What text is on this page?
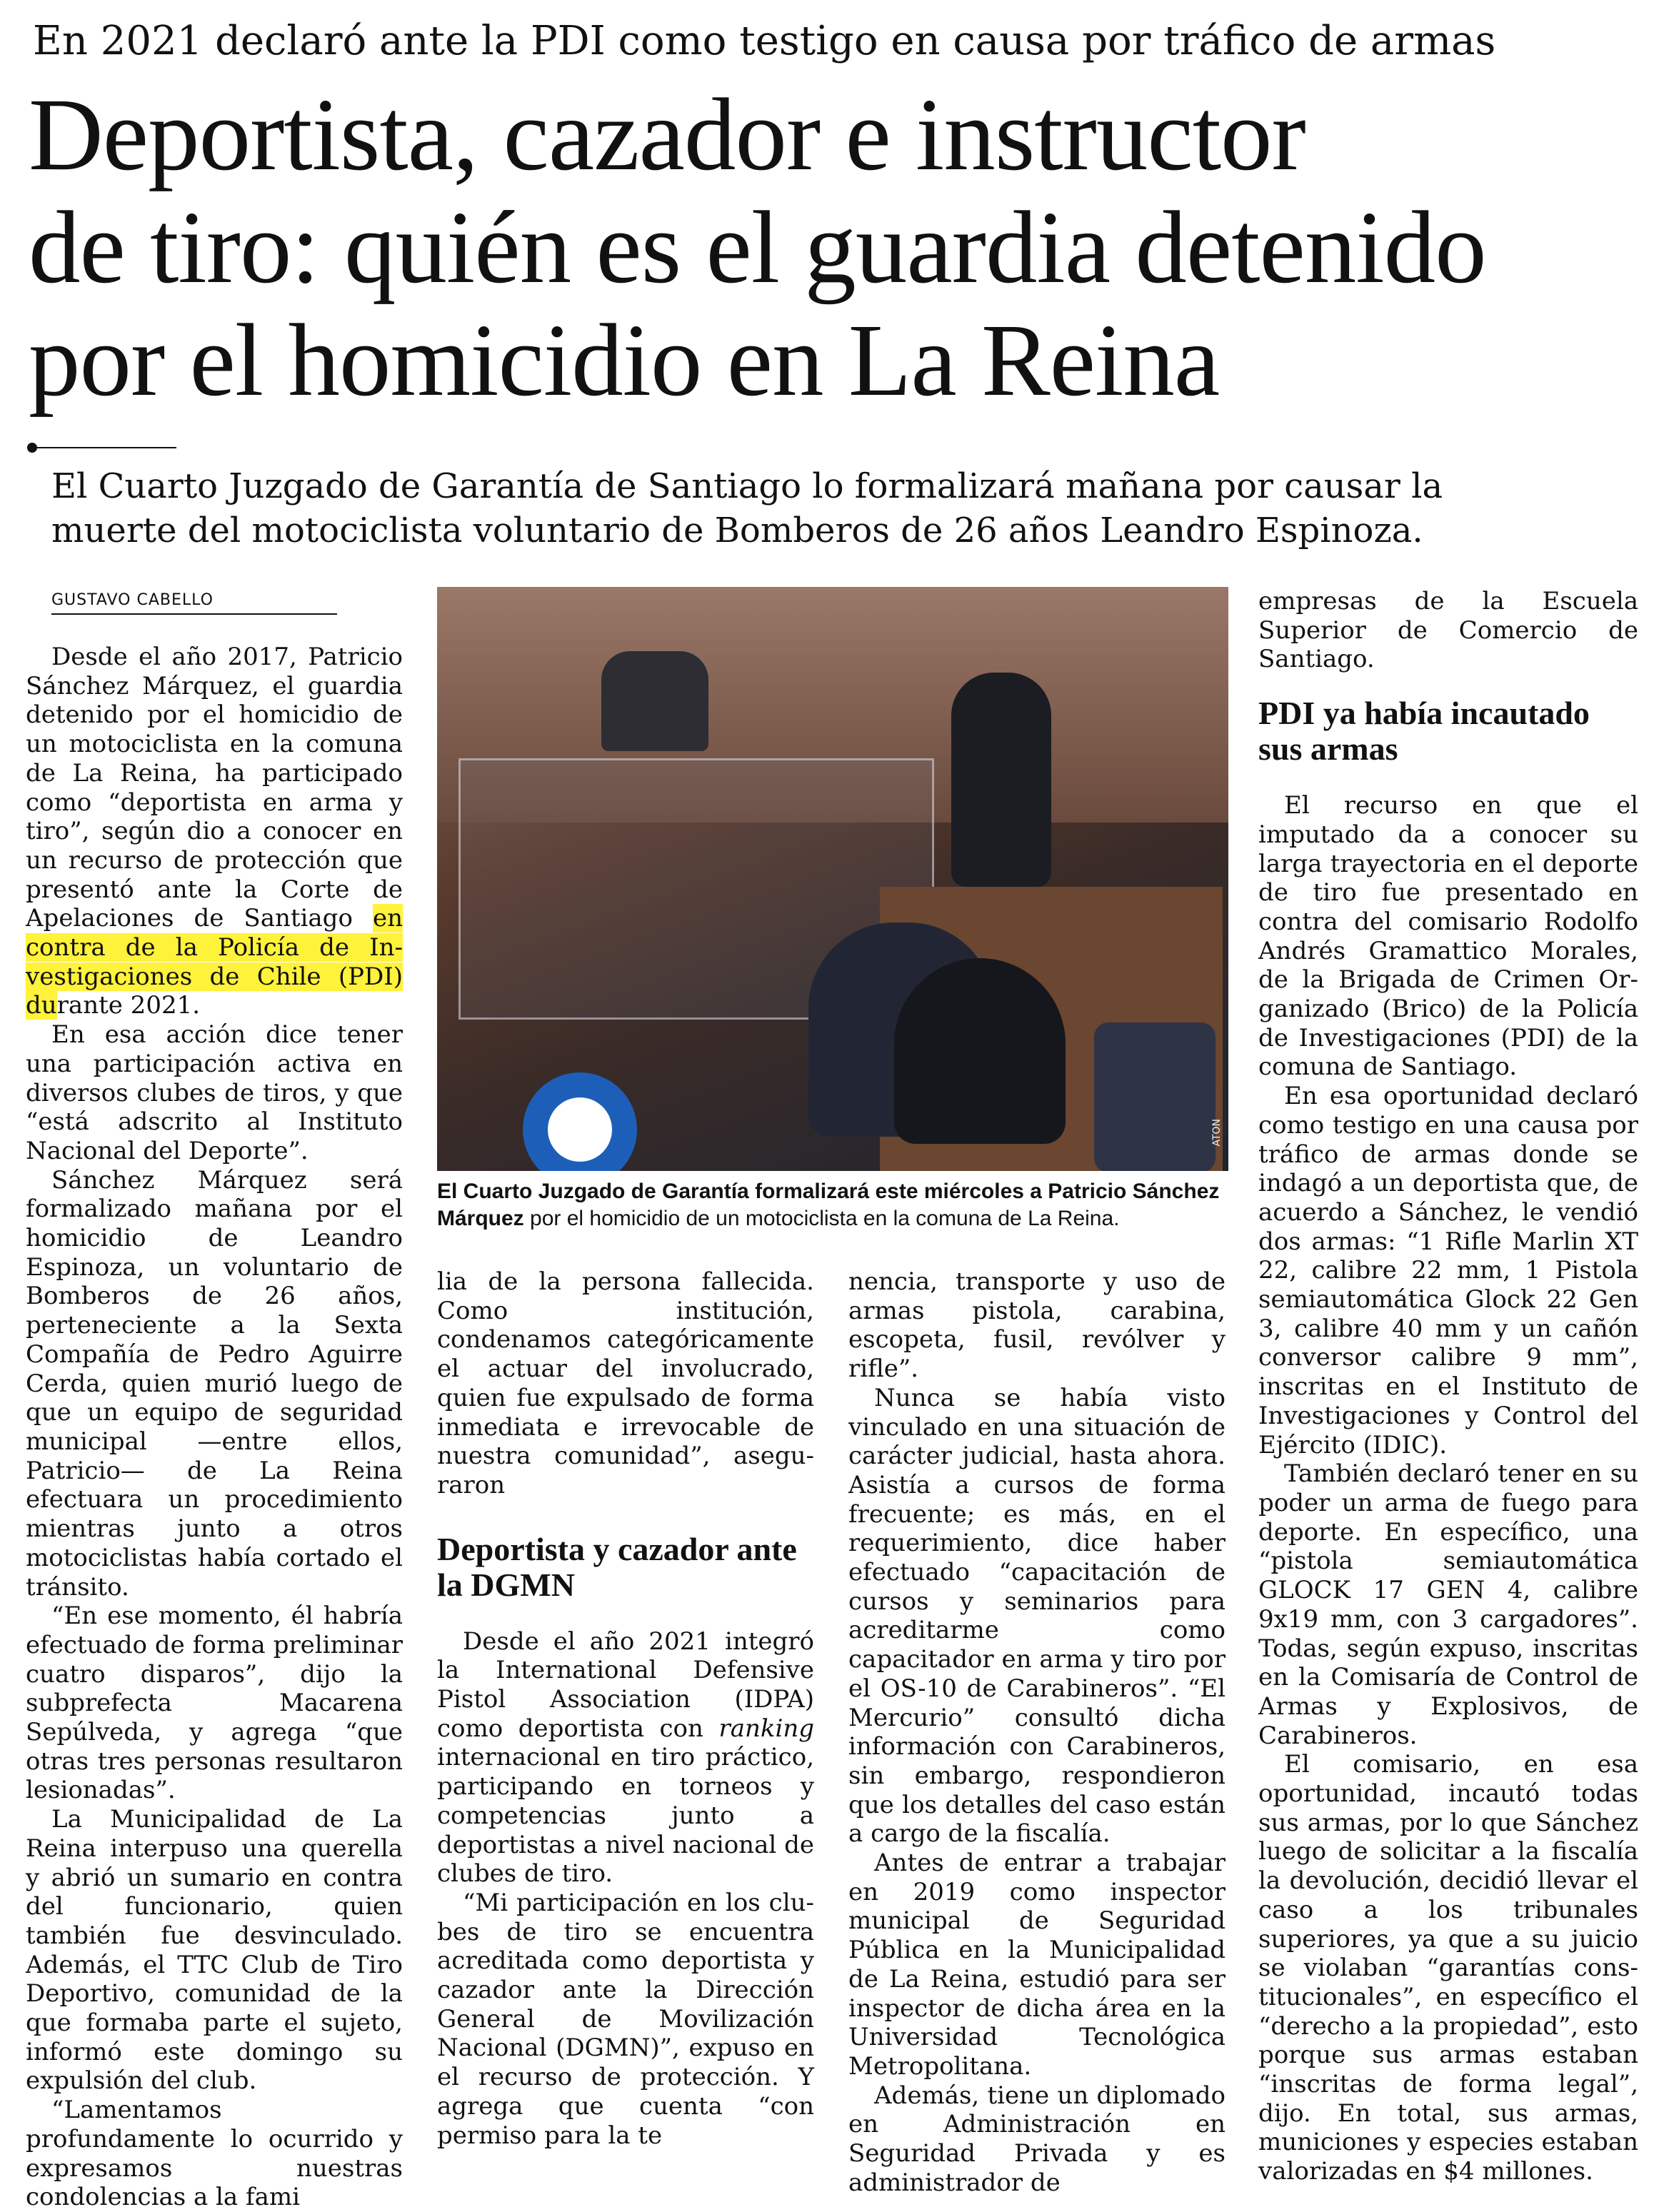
En 2021 declaró ante la PDI como testigo en causa por tráfico de armas
Deportista, cazador e instructor
de tiro: quién es el guardia detenido
por el homicidio en La Reina
El Cuarto Juzgado de Garantía de Santiago lo formalizará mañana por causar la
muerte del motociclista voluntario de Bomberos de 26 años Leandro Espinoza.
GUSTAVO CABELLO

Desde el año 2017, Patricio Sánchez Márquez, el guardia detenido por el homicidio de un motociclista en la comuna de La Reina, ha participado como “deportista en arma y tiro”, según dio a conocer en un recurso de protección que presentó ante la Corte de Apelaciones de Santiago en contra de la Policía de Investigaciones de Chile (PDI) durante 2021.

En esa acción dice tener una participación activa en diversos clubes de tiros, y que “está adscrito al Instituto Nacional del Deporte”.

Sánchez Márquez será formalizado mañana por el homicidio de Leandro Espinoza, un voluntario de Bomberos de 26 años, perteneciente a la Sexta Compañía de Pedro Aguirre Cerda, quien murió luego de que un equipo de seguridad municipal —entre ellos, Patricio— de La Reina efectuara un procedimiento mientras junto a otros motociclistas había cortado el tránsito.

“En ese momento, él habría efectuado de forma preliminar cuatro disparos”, dijo la subprefecta Macarena Sepúlveda, y agrega “que otras tres personas resultaron lesionadas”.

La Municipalidad de La Reina interpuso una querella y abrió un sumario en contra del funcionario, quien también fue desvinculado. Además, el TTC Club de Tiro Deportivo, comunidad de la que formaba parte el sujeto, informó este domingo su expulsión del club.

“Lamentamos profundamente lo ocurrido y expresamos nuestras condolencias a la fami

ATON
El Cuarto Juzgado de Garantía formalizará este miércoles a Patricio Sánchez Márquez por el homicidio de un motociclista en la comuna de La Reina.

lia de la persona fallecida. Como institución, condenamos categóricamente el actuar del involucrado, quien fue expulsado de forma inmediata e irrevocable de nuestra comunidad”, aseguraron

Deportista y cazador ante la DGMN

Desde el año 2021 integró la International Defensive Pistol Association (IDPA) como deportista con ranking internacional en tiro práctico, participando en torneos y competencias junto a deportistas a nivel nacional de clubes de tiro.

“Mi participación en los clubes de tiro se encuentra acreditada como deportista y cazador ante la Dirección General de Movilización Nacional (DGMN)”, expuso en el recurso de protección. Y agrega que cuenta “con permiso para la te

nencia, transporte y uso de armas pistola, carabina, escopeta, fusil, revólver y rifle”.

Nunca se había visto vinculado en una situación de carácter judicial, hasta ahora. Asistía a cursos de forma frecuente; es más, en el requerimiento, dice haber efectuado “capacitación de cursos y seminarios para acreditarme como capacitador en arma y tiro por el OS-10 de Carabineros”. “El Mercurio” consultó dicha información con Carabineros, sin embargo, respondieron que los detalles del caso están a cargo de la fiscalía.

Antes de entrar a trabajar en 2019 como inspector municipal de Seguridad Pública en la Municipalidad de La Reina, estudió para ser inspector de dicha área en la Universidad Tecnológica Metropolitana.

Además, tiene un diplomado en Administración en Seguridad Privada y es administrador de

empresas de la Escuela Superior de Comercio de Santiago.

PDI ya había incautado sus armas

El recurso en que el imputado da a conocer su larga trayectoria en el deporte de tiro fue presentado en contra del comisario Rodolfo Andrés Gramattico Morales, de la Brigada de Crimen Organizado (Brico) de la Policía de Investigaciones (PDI) de la comuna de Santiago.

En esa oportunidad declaró como testigo en una causa por tráfico de armas donde se indagó a un deportista que, de acuerdo a Sánchez, le vendió dos armas: “1 Rifle Marlin XT 22, calibre 22 mm, 1 Pistola semiautomática Glock 22 Gen 3, calibre 40 mm y un cañón conversor calibre 9 mm”, inscritas en el Instituto de Investigaciones y Control del Ejército (IDIC).

También declaró tener en su poder un arma de fuego para deporte. En específico, una “pistola semiautomática GLOCK 17 GEN 4, calibre 9x19 mm, con 3 cargadores”. Todas, según expuso, inscritas en la Comisaría de Control de Armas y Explosivos, de Carabineros.

El comisario, en esa oportunidad, incautó todas sus armas, por lo que Sánchez luego de solicitar a la fiscalía la devolución, decidió llevar el caso a los tribunales superiores, ya que a su juicio se violaban “garantías constitucionales”, en específico el “derecho a la propiedad”, esto porque sus armas estaban “inscritas de forma legal”, dijo. En total, sus armas, municiones y especies estaban valorizadas en $4 millones.
